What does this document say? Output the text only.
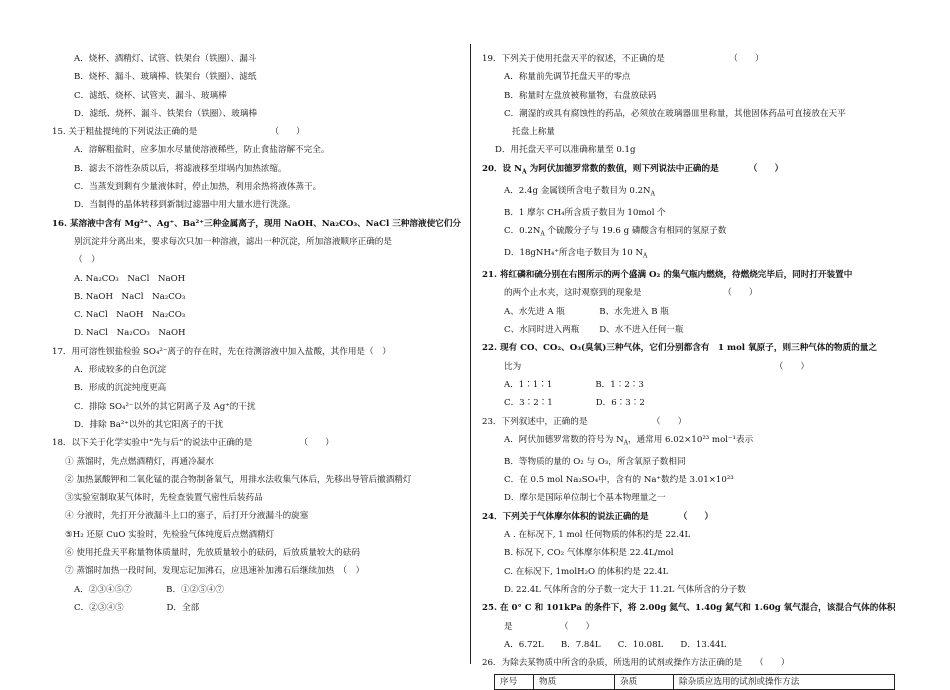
A．烧杯、酒精灯、试管、铁架台（铁圈）、漏斗
B．烧杯、漏斗、玻璃棒、铁架台（铁圈）、滤纸
C．滤纸、烧杯、试管夹、漏斗、玻璃棒
D．滤纸、烧杯、漏斗、铁架台（铁圈）、玻璃棒
15. 关于粗盐提纯的下列说法正确的是　　　　　　　　　（　　）
A．溶解粗盐时，应多加水尽量使溶液稀些，防止食盐溶解不完全。
B．滤去不溶性杂质以后，将滤液移至坩埚内加热浓缩。
C．当蒸发到剩有少量液体时，停止加热，利用余热将液体蒸干。
D．当制得的晶体转移到新制过滤器中用大量水进行洗涤。
16. 某溶液中含有 Mg²⁺、Ag⁺、Ba²⁺三种金属离子，现用 NaOH、Na₂CO₃、NaCl 三种溶液使它们分
别沉淀并分离出来，要求每次只加一种溶液，滤出一种沉淀，所加溶液顺序正确的是
（　）
A. Na₂CO₃　NaCl　NaOH
B. NaOH　NaCl　Na₂CO₃
C. NaCl　NaOH　Na₂CO₃
D. NaCl　Na₂CO₃　NaOH
17．用可溶性钡盐检验 SO₄²⁻离子的存在时，先在待测溶液中加入盐酸，其作用是（　）
A．形成较多的白色沉淀
B．形成的沉淀纯度更高
C．排除 SO₄²⁻以外的其它阴离子及 Ag⁺的干扰
D．排除 Ba²⁺以外的其它阳离子的干扰
18．以下关于化学实验中“先与后”的说法中正确的是　　　　　　（　　）
① 蒸馏时，先点燃酒精灯，再通冷凝水
② 加热氯酸钾和二氧化锰的混合物制备氧气，用排水法收集气体后，先移出导管后撤酒精灯
③实验室制取某气体时，先检查装置气密性后装药品
④ 分液时，先打开分液漏斗上口的塞子，后打开分液漏斗的旋塞
⑤H₂ 还原 CuO 实验时，先检验气体纯度后点燃酒精灯
⑥ 使用托盘天平称量物体质量时，先放质量较小的砝码，后放质量较大的砝码
⑦ 蒸馏时加热一段时间，发现忘记加沸石，应迅速补加沸石后继续加热　（　）
A．②③④⑤⑦　　　　B．①②⑤④⑦
C．②③④⑤　　　　　D．全部
19．下列关于使用托盘天平的叙述，不正确的是　　　　　　　　（　　）
A．称量前先调节托盘天平的零点
B．称量时左盘放被称量物，右盘放砝码
C．潮湿的或具有腐蚀性的药品，必须放在玻璃器皿里称量，其他固体药品可直接放在天平
托盘上称量
D．用托盘天平可以准确称量至 0.1g
20．设 $N_A$ 为阿伏加德罗常数的数值，则下列说法中正确的是　　　　（　　）
A．2.4g 金属镁所含电子数目为 $0.2N_A$
B．1 摩尔 CH₄所含质子数目为 10mol 个
C．$0.2N_A$ 个硫酸分子与 19.6 g 磷酸含有相同的氢原子数
D．18gNH₄⁺所含电子数目为 10 $N_A$
21. 将红磷和硫分别在右图所示的两个盛满 O₂ 的集气瓶内燃烧，待燃烧完毕后，同时打开装置中
的两个止水夹，这时观察到的现象是　　　　　　　　　　（　　）
A、水先进 A 瓶　　　　B、水先进入 B 瓶
C、水同时进入两瓶　　 D、水不进入任何一瓶
22. 现有 CO、CO₂、O₃(臭氧)三种气体，它们分别都含有　1 mol 氧原子，则三种气体的物质的量之
比为　　　　　　　　　　　　　　　　　　　　　　　　　　　　　　（　　）
A．1∶1∶1　　　　　B．1∶2∶3
C．3∶2∶1　　　　　D．6∶3∶2
23．下列叙述中，正确的是　　　　　　　　（　　）
A．阿伏加德罗常数的符号为 $N_A$，通常用 6.02×10²³ mol⁻¹表示
B．等物质的量的 O₂ 与 O₃，所含氧原子数相同
C．在 0.5 mol Na₂SO₄中，含有的 Na⁺数约是 3.01×10²³
D．摩尔是国际单位制七个基本物理量之一
24．下列关于气体摩尔体积的说法正确的是　　　　（　　）
A . 在标况下, 1 mol 任何物质的体积约是 22.4L
B. 标况下, CO₂ 气体摩尔体积是 22.4L/mol
C. 在标况下, 1molH₂O 的体积约是 22.4L
D. 22.4L 气体所含的分子数一定大于 11.2L 气体所含的分子数
25. 在 0° C 和 101kPa 的条件下，将 2.00g 氦气、1.40g 氮气和 1.60g 氧气混合，该混合气体的体积
是　　　　　　（　　）
A．6.72L　　B．7.84L　　C．10.08L　　D．13.44L
26．为除去某物质中所含的杂质，所选用的试剂或操作方法正确的是　　（　　）
序号	物质	杂质	除杂质应选用的试剂或操作方法
